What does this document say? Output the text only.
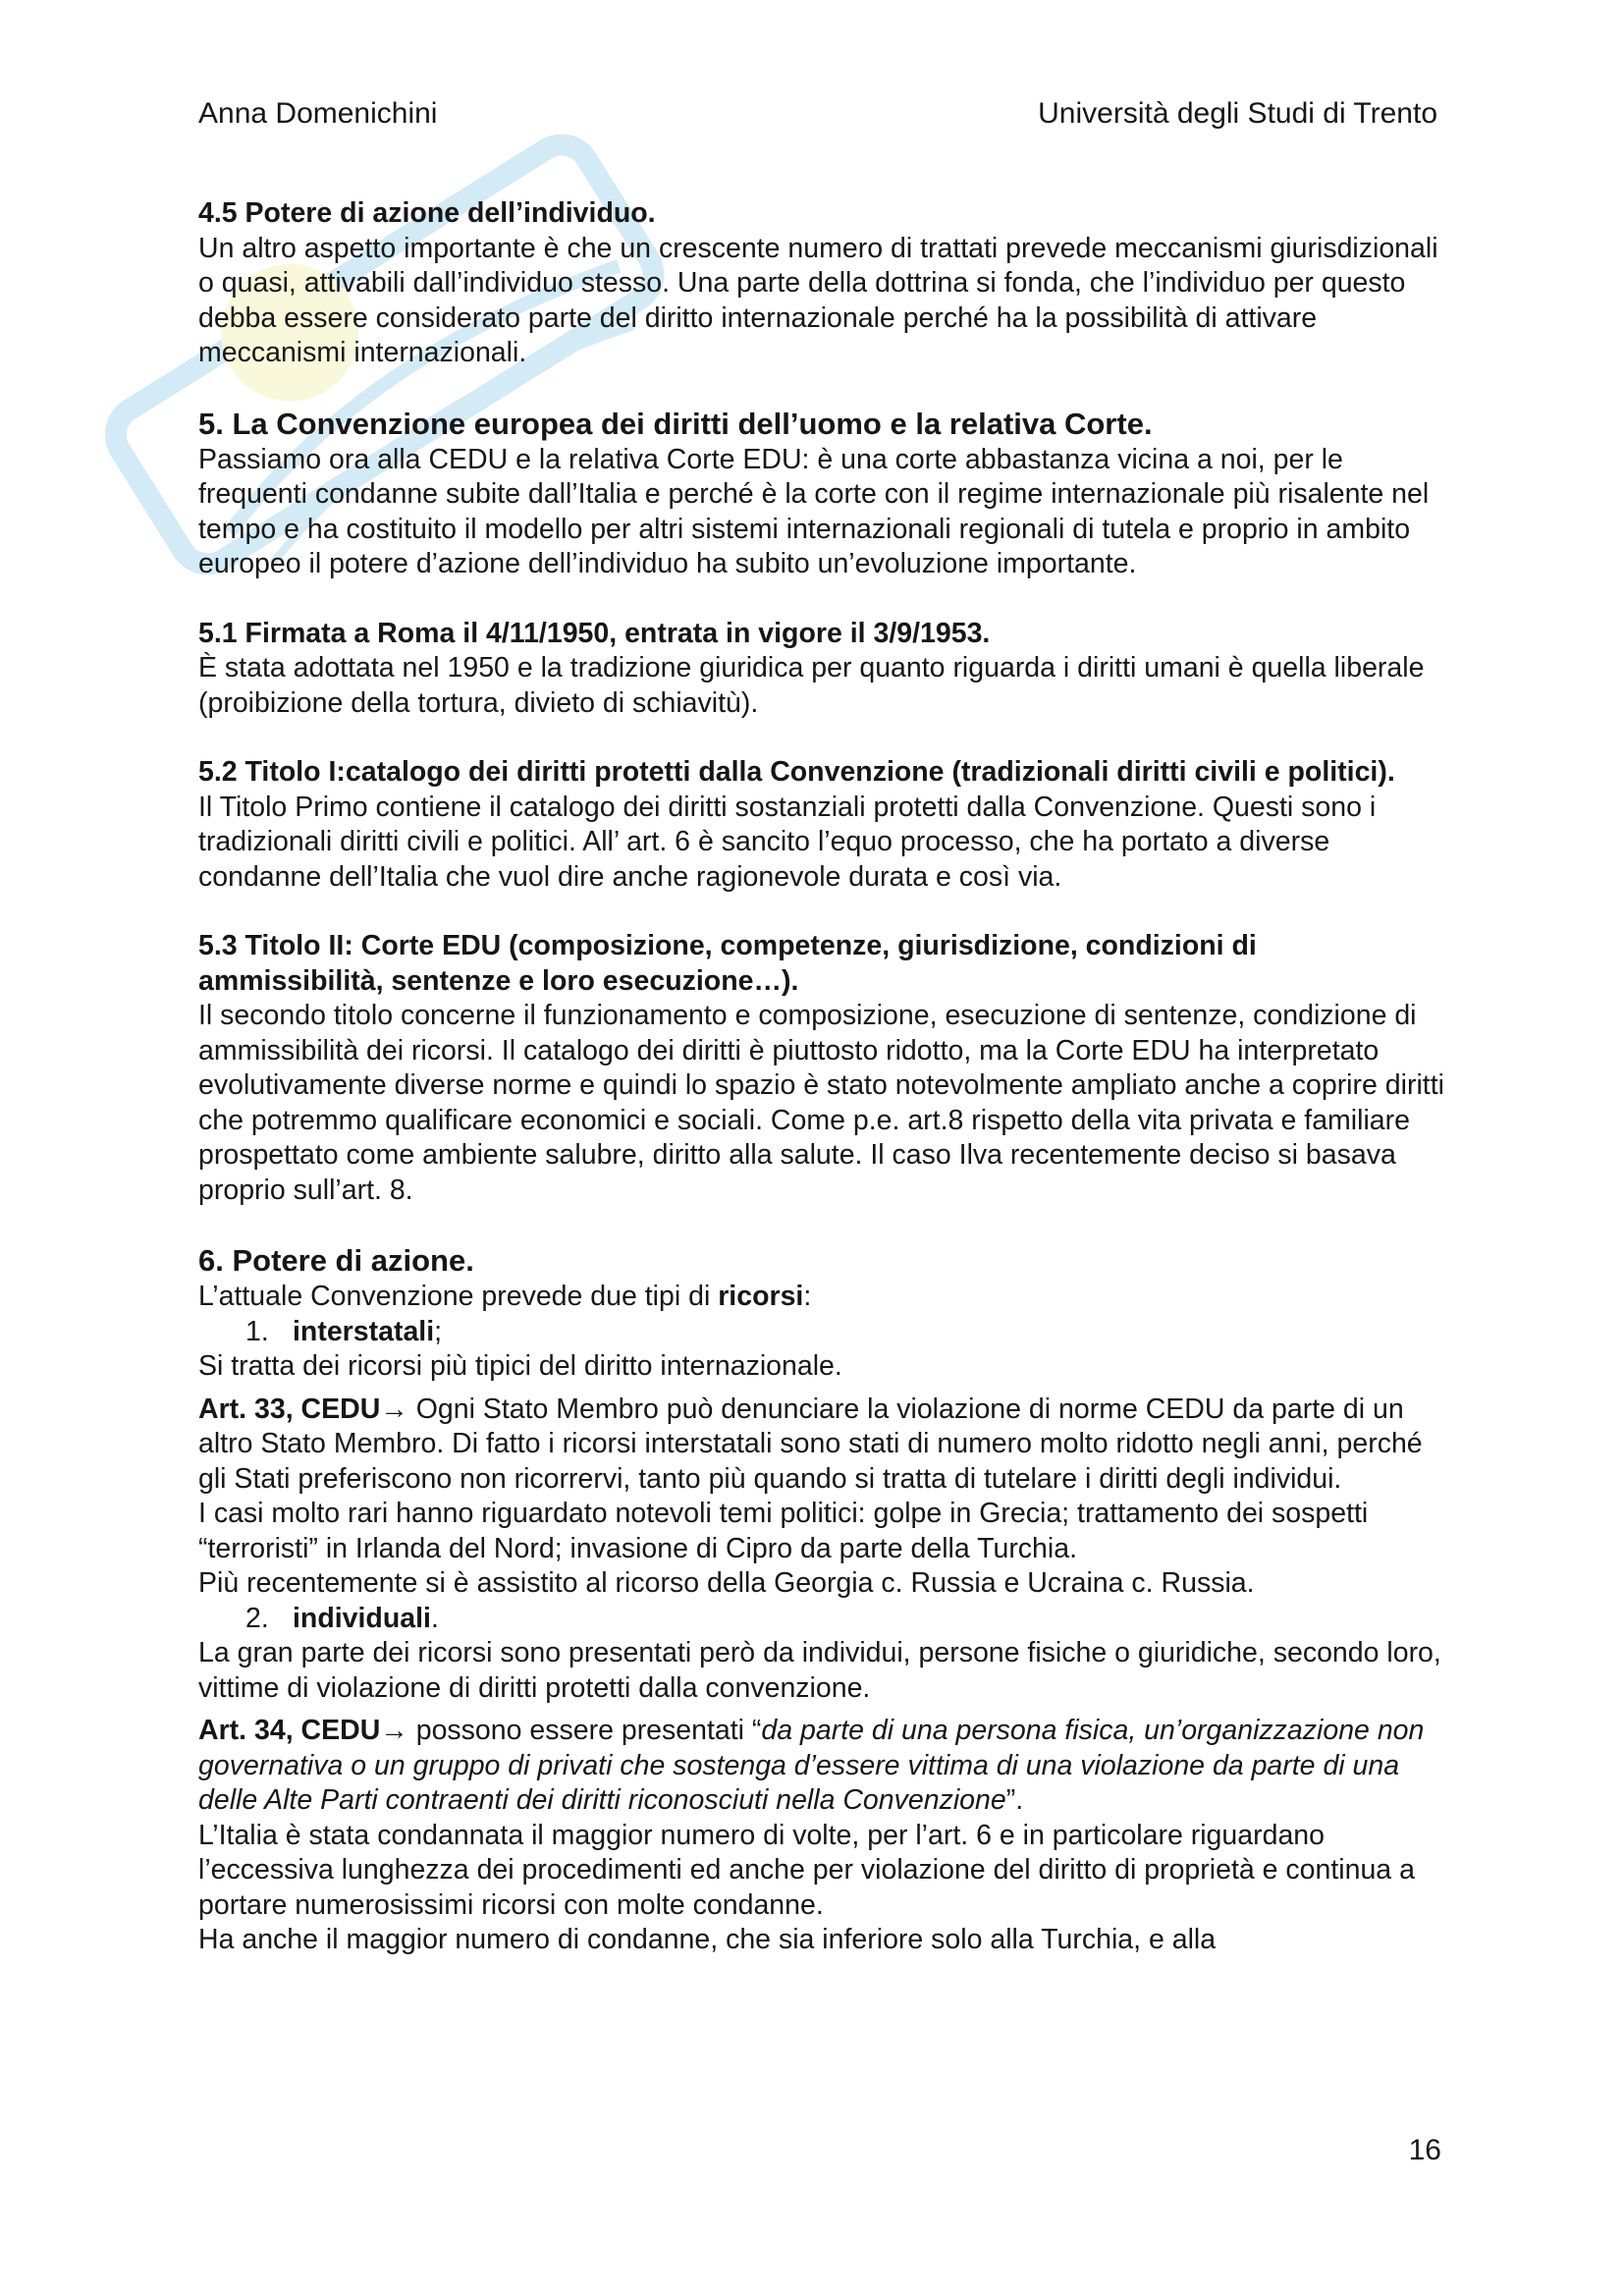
Anna Domenichini	Università degli Studi di Trento

4.5 Potere di azione dell’individuo.

Un altro aspetto importante è che un crescente numero di trattati prevede meccanismi giurisdizionali o quasi, attivabili dall’individuo stesso. Una parte della dottrina si fonda, che l’individuo per questo debba essere considerato parte del diritto internazionale perché ha la possibilità di attivare meccanismi internazionali.

5. La Convenzione europea dei diritti dell’uomo e la relativa Corte.

Passiamo ora alla CEDU e la relativa Corte EDU: è una corte abbastanza vicina a noi, per le frequenti condanne subite dall’Italia e perché è la corte con il regime internazionale più risalente nel tempo e ha costituito il modello per altri sistemi internazionali regionali di tutela e proprio in ambito europeo il potere d’azione dell’individuo ha subito un’evoluzione importante.

5.1 Firmata a Roma il 4/11/1950, entrata in vigore il 3/9/1953.

È stata adottata nel 1950 e la tradizione giuridica per quanto riguarda i diritti umani è quella liberale (proibizione della tortura, divieto di schiavitù).

5.2 Titolo I:catalogo dei diritti protetti dalla Convenzione (tradizionali diritti civili e politici).

Il Titolo Primo contiene il catalogo dei diritti sostanziali protetti dalla Convenzione. Questi sono i tradizionali diritti civili e politici. All’ art. 6 è sancito l’equo processo, che ha portato a diverse condanne dell’Italia che vuol dire anche ragionevole durata e così via.

5.3 Titolo II: Corte EDU (composizione, competenze, giurisdizione, condizioni di ammissibilità, sentenze e loro esecuzione…).

Il secondo titolo concerne il funzionamento e composizione, esecuzione di sentenze, condizione di ammissibilità dei ricorsi. Il catalogo dei diritti è piuttosto ridotto, ma la Corte EDU ha interpretato evolutivamente diverse norme e quindi lo spazio è stato notevolmente ampliato anche a coprire diritti che potremmo qualificare economici e sociali. Come p.e. art.8 rispetto della vita privata e familiare prospettato come ambiente salubre, diritto alla salute. Il caso Ilva recentemente deciso si basava proprio sull’art. 8.

6. Potere di azione.

L’attuale Convenzione prevede due tipi di ricorsi:

1. interstatali;

Si tratta dei ricorsi più tipici del diritto internazionale.

Art. 33, CEDU→ Ogni Stato Membro può denunciare la violazione di norme CEDU da parte di un altro Stato Membro. Di fatto i ricorsi interstatali sono stati di numero molto ridotto negli anni, perché gli Stati preferiscono non ricorrervi, tanto più quando si tratta di tutelare i diritti degli individui.

I casi molto rari hanno riguardato notevoli temi politici: golpe in Grecia; trattamento dei sospetti “terroristi” in Irlanda del Nord; invasione di Cipro da parte della Turchia.

Più recentemente si è assistito al ricorso della Georgia c. Russia e Ucraina c. Russia.

2. individuali.

La gran parte dei ricorsi sono presentati però da individui, persone fisiche o giuridiche, secondo loro, vittime di violazione di diritti protetti dalla convenzione.

Art. 34, CEDU→ possono essere presentati “da parte di una persona fisica, un’organizzazione non governativa o un gruppo di privati che sostenga d’essere vittima di una violazione da parte di una delle Alte Parti contraenti dei diritti riconosciuti nella Convenzione”.

L’Italia è stata condannata il maggior numero di volte, per l’art. 6 e in particolare riguardano l’eccessiva lunghezza dei procedimenti ed anche per violazione del diritto di proprietà e continua a portare numerosissimi ricorsi con molte condanne.

Ha anche il maggior numero di condanne, che sia inferiore solo alla Turchia, e alla

16
